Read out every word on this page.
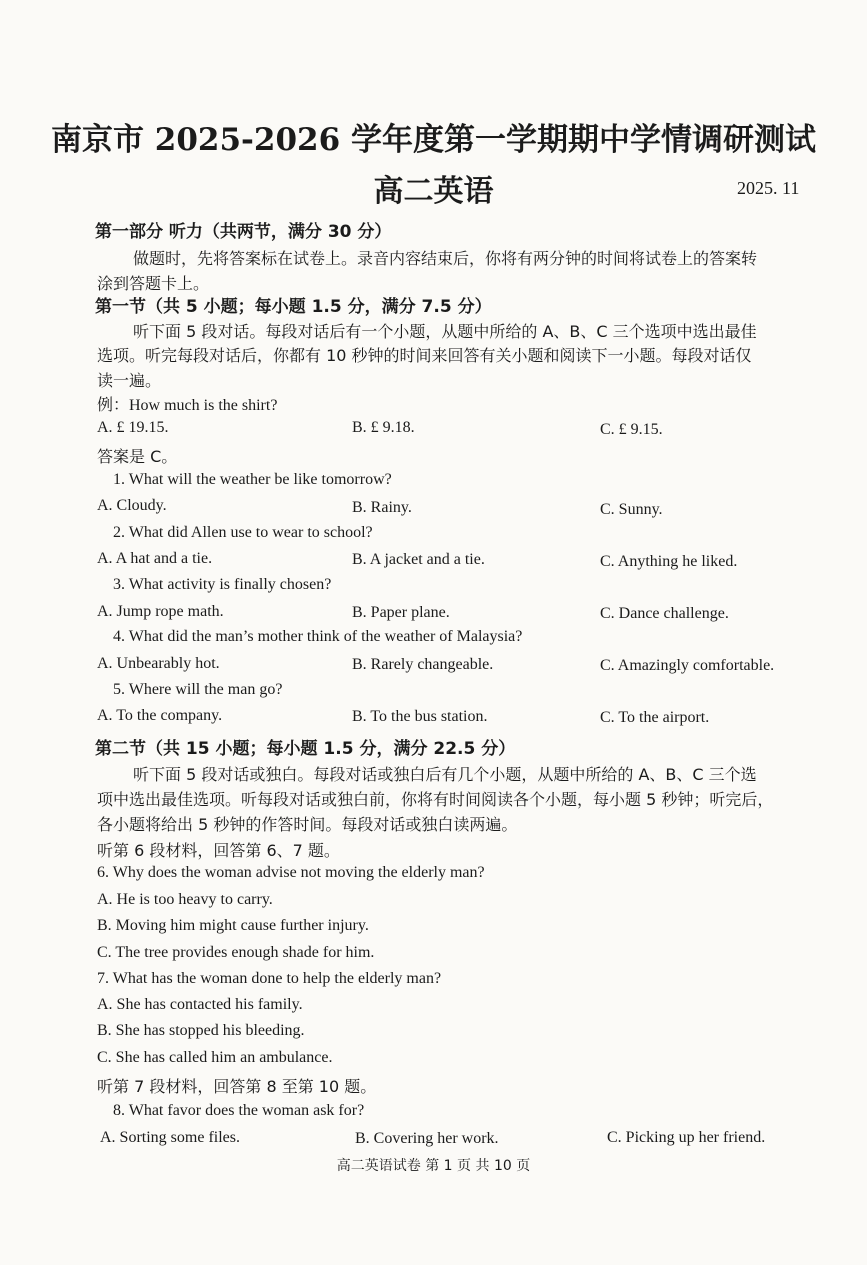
南京市 2025-2026 学年度第一学期期中学情调研测试
高二英语	2025. 11
第一部分 听力（共两节，满分 30 分）
做题时，先将答案标在试卷上。录音内容结束后，你将有两分钟的时间将试卷上的答案转
涂到答题卡上。
第一节（共 5 小题；每小题 1.5 分，满分 7.5 分）
听下面 5 段对话。每段对话后有一个小题，从题中所给的 A、B、C 三个选项中选出最佳
选项。听完每段对话后，你都有 10 秒钟的时间来回答有关小题和阅读下一小题。每段对话仅
读一遍。
例：How much is the shirt?
A. £ 19.15.	B. £ 9.18.	C. £ 9.15.
答案是 C。
1. What will the weather be like tomorrow?
A. Cloudy.	B. Rainy.	C. Sunny.
2. What did Allen use to wear to school?
A. A hat and a tie.	B. A jacket and a tie.	C. Anything he liked.
3. What activity is finally chosen?
A. Jump rope math.	B. Paper plane.	C. Dance challenge.
4. What did the man’s mother think of the weather of Malaysia?
A. Unbearably hot.	B. Rarely changeable.	C. Amazingly comfortable.
5. Where will the man go?
A. To the company.	B. To the bus station.	C. To the airport.
第二节（共 15 小题；每小题 1.5 分，满分 22.5 分）
听下面 5 段对话或独白。每段对话或独白后有几个小题，从题中所给的 A、B、C 三个选
项中选出最佳选项。听每段对话或独白前，你将有时间阅读各个小题，每小题 5 秒钟；听完后，
各小题将给出 5 秒钟的作答时间。每段对话或独白读两遍。
听第 6 段材料，回答第 6、7 题。
6. Why does the woman advise not moving the elderly man?
A. He is too heavy to carry.
B. Moving him might cause further injury.
C. The tree provides enough shade for him.
7. What has the woman done to help the elderly man?
A. She has contacted his family.
B. She has stopped his bleeding.
C. She has called him an ambulance.
听第 7 段材料，回答第 8 至第 10 题。
8. What favor does the woman ask for?
A. Sorting some files.	B. Covering her work.	C. Picking up her friend.
高二英语试卷 第 1 页 共 10 页
